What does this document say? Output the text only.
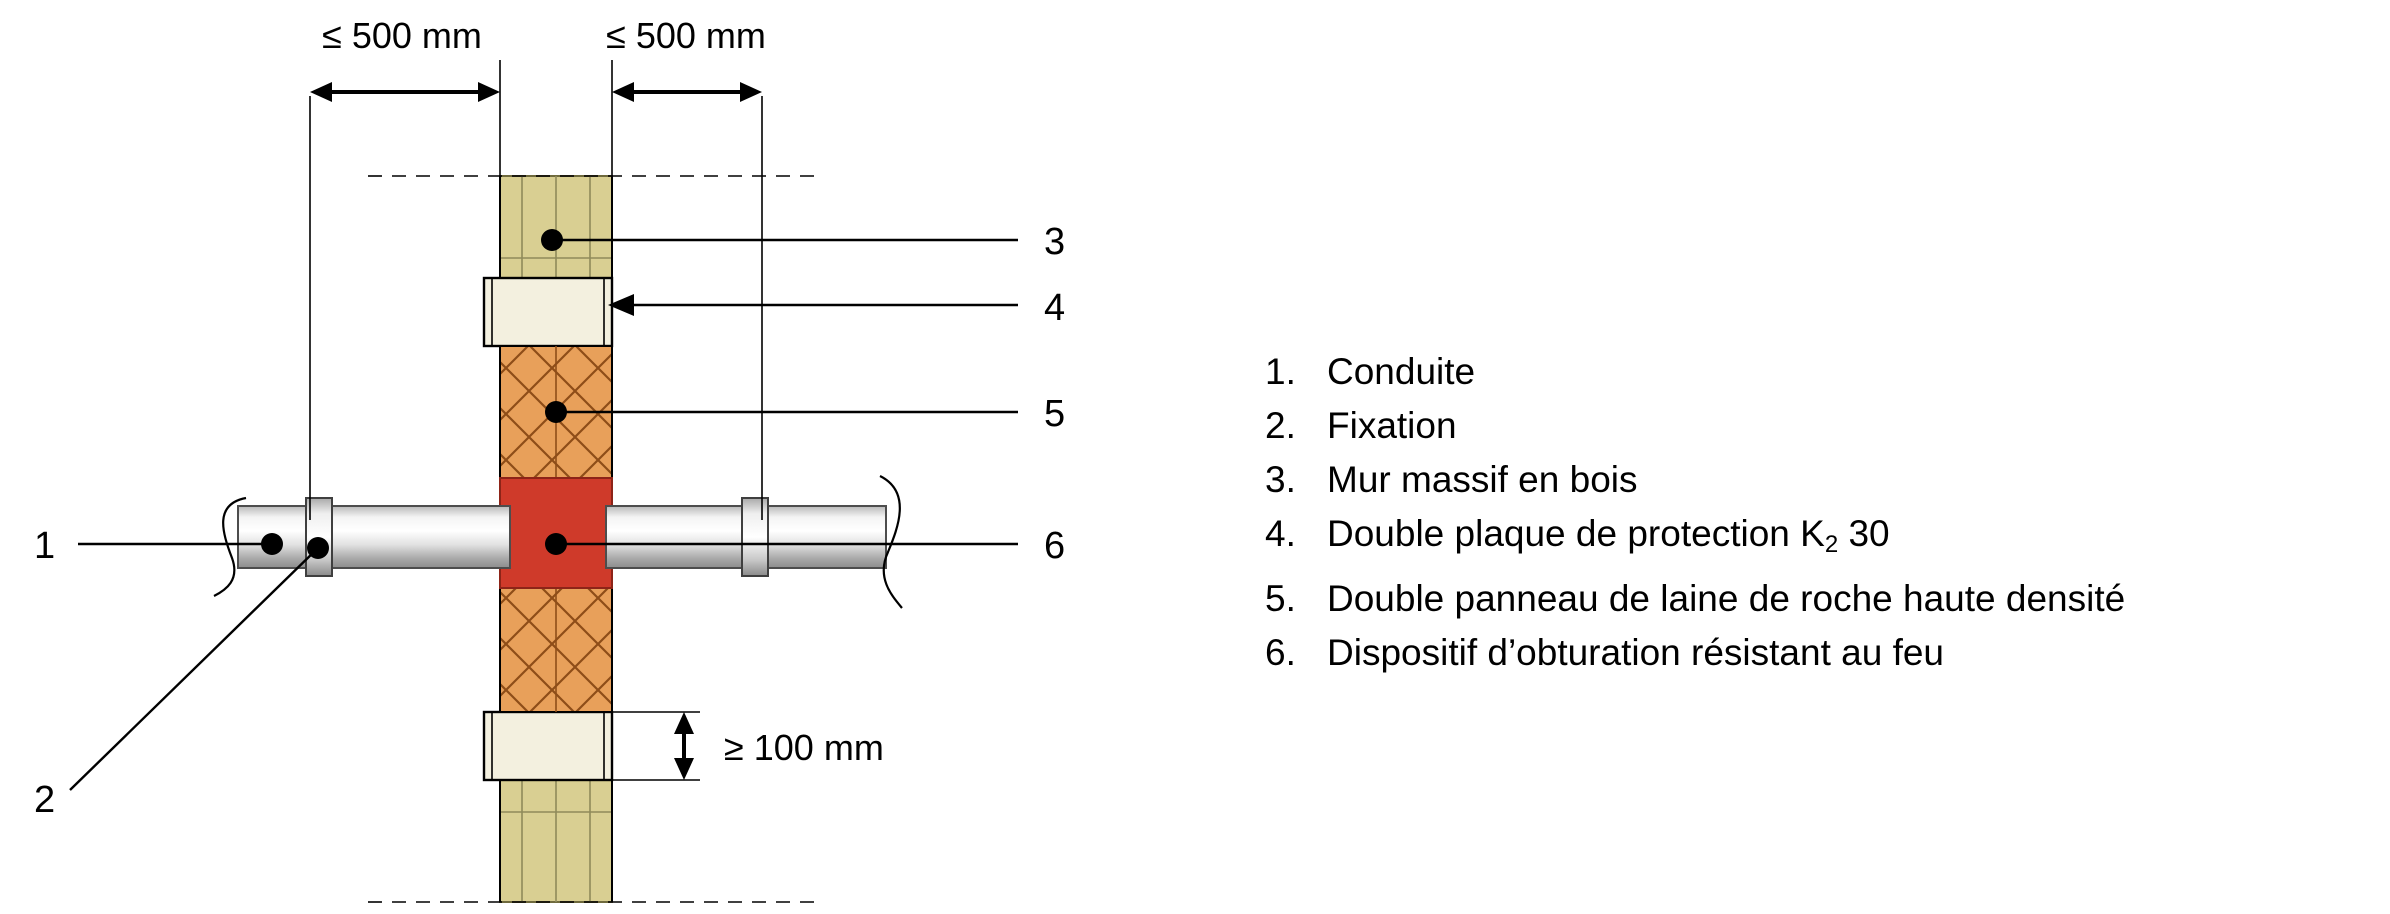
≤ 500 mm	≤ 500 mm
≥ 100 mm
3
4
5
6
1
2
1. Conduite
2. Fixation
3. Mur massif en bois
4. Double plaque de protection $K_2$ 30
5. Double panneau de laine de roche haute densité
6. Dispositif d’obturation résistant au feu
